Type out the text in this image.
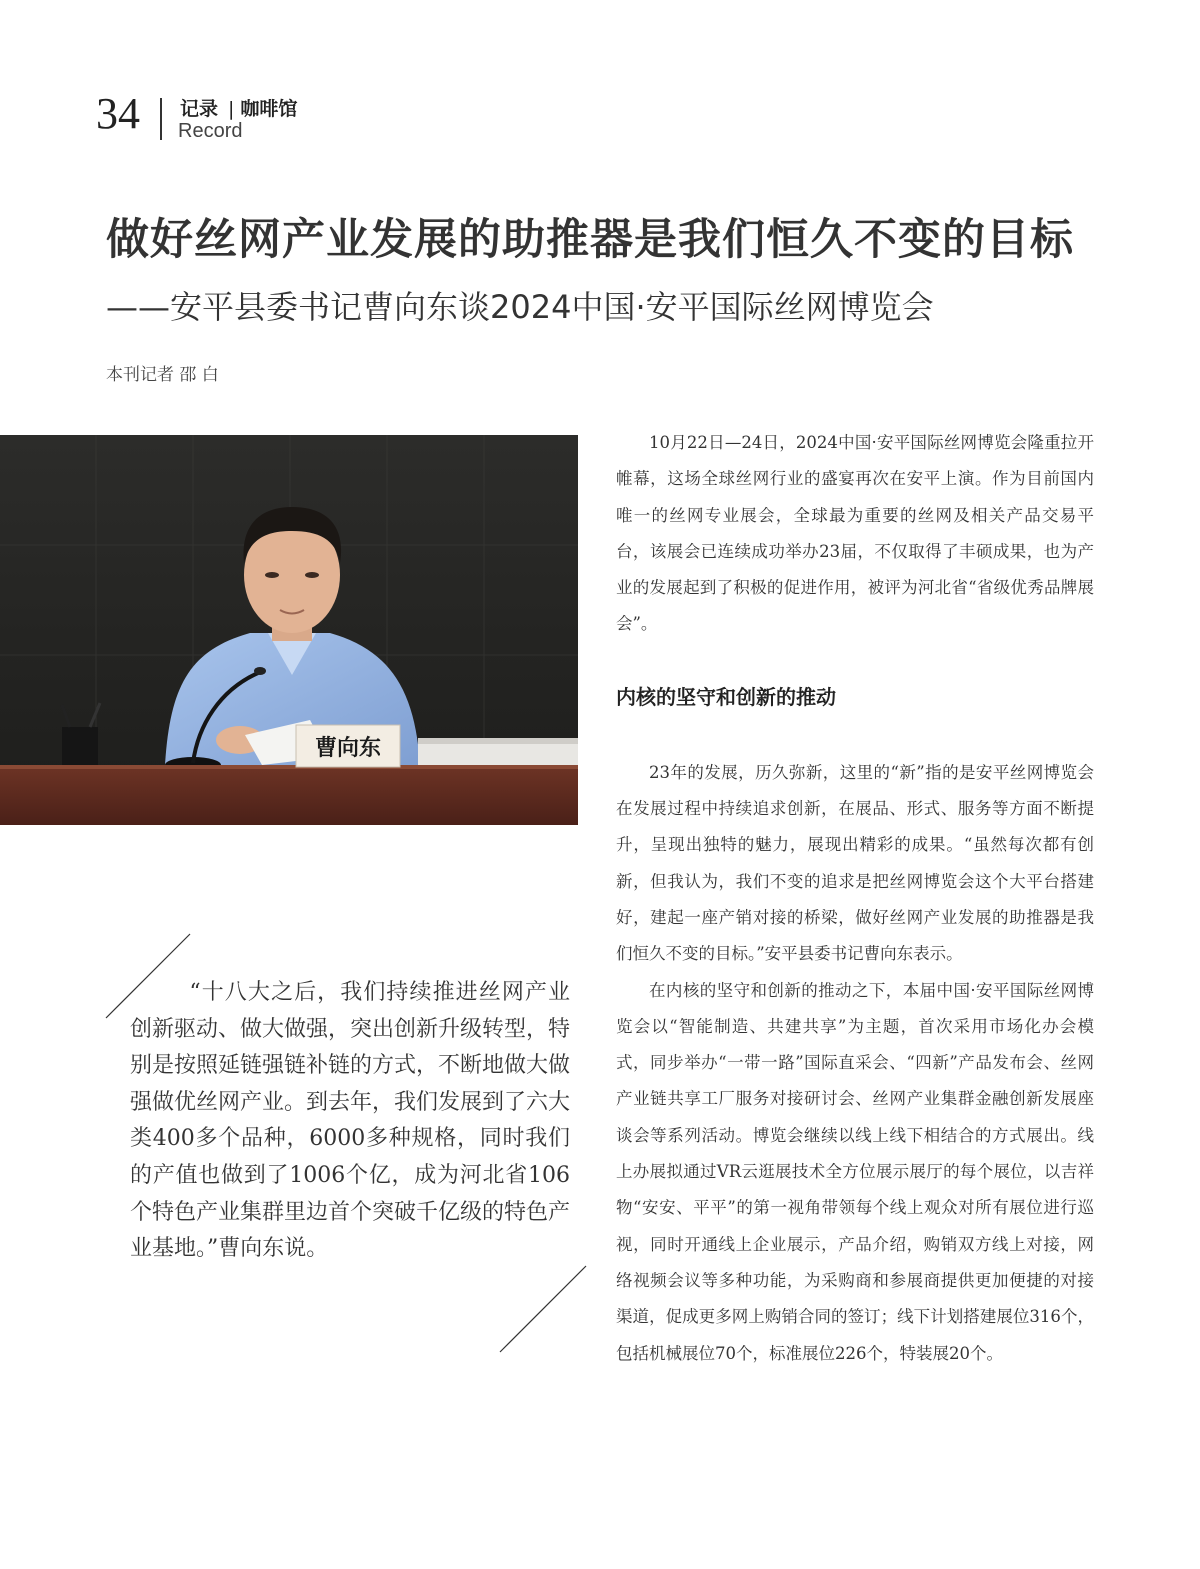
34 记录 | 咖啡馆
Record
做好丝网产业发展的助推器是我们恒久不变的目标
——安平县委书记曹向东谈2024中国·安平国际丝网博览会
本刊记者 邵 白
曹向东

10月22日—24日，2024中国·安平国际丝网博览会隆重拉开帷幕，这场全球丝网行业的盛宴再次在安平上演。作为目前国内唯一的丝网专业展会，全球最为重要的丝网及相关产品交易平台，该展会已连续成功举办23届，不仅取得了丰硕成果，也为产业的发展起到了积极的促进作用，被评为河北省“省级优秀品牌展会”。

内核的坚守和创新的推动

23年的发展，历久弥新，这里的“新”指的是安平丝网博览会在发展过程中持续追求创新，在展品、形式、服务等方面不断提升，呈现出独特的魅力，展现出精彩的成果。“虽然每次都有创新，但我认为，我们不变的追求是把丝网博览会这个大平台搭建好，建起一座产销对接的桥梁，做好丝网产业发展的助推器是我们恒久不变的目标。”安平县委书记曹向东表示。

在内核的坚守和创新的推动之下，本届中国·安平国际丝网博览会以“智能制造、共建共享”为主题，首次采用市场化办会模式，同步举办“一带一路”国际直采会、“四新”产品发布会、丝网产业链共享工厂服务对接研讨会、丝网产业集群金融创新发展座谈会等系列活动。博览会继续以线上线下相结合的方式展出。线上办展拟通过VR云逛展技术全方位展示展厅的每个展位，以吉祥物“安安、平平”的第一视角带领每个线上观众对所有展位进行巡视，同时开通线上企业展示，产品介绍，购销双方线上对接，网络视频会议等多种功能，为采购商和参展商提供更加便捷的对接渠道，促成更多网上购销合同的签订；线下计划搭建展位316个，包括机械展位70个，标准展位226个，特装展20个。

“十八大之后，我们持续推进丝网产业创新驱动、做大做强，突出创新升级转型，特别是按照延链强链补链的方式，不断地做大做强做优丝网产业。到去年，我们发展到了六大类400多个品种，6000多种规格，同时我们的产值也做到了1006个亿，成为河北省106个特色产业集群里边首个突破千亿级的特色产业基地。”曹向东说。
